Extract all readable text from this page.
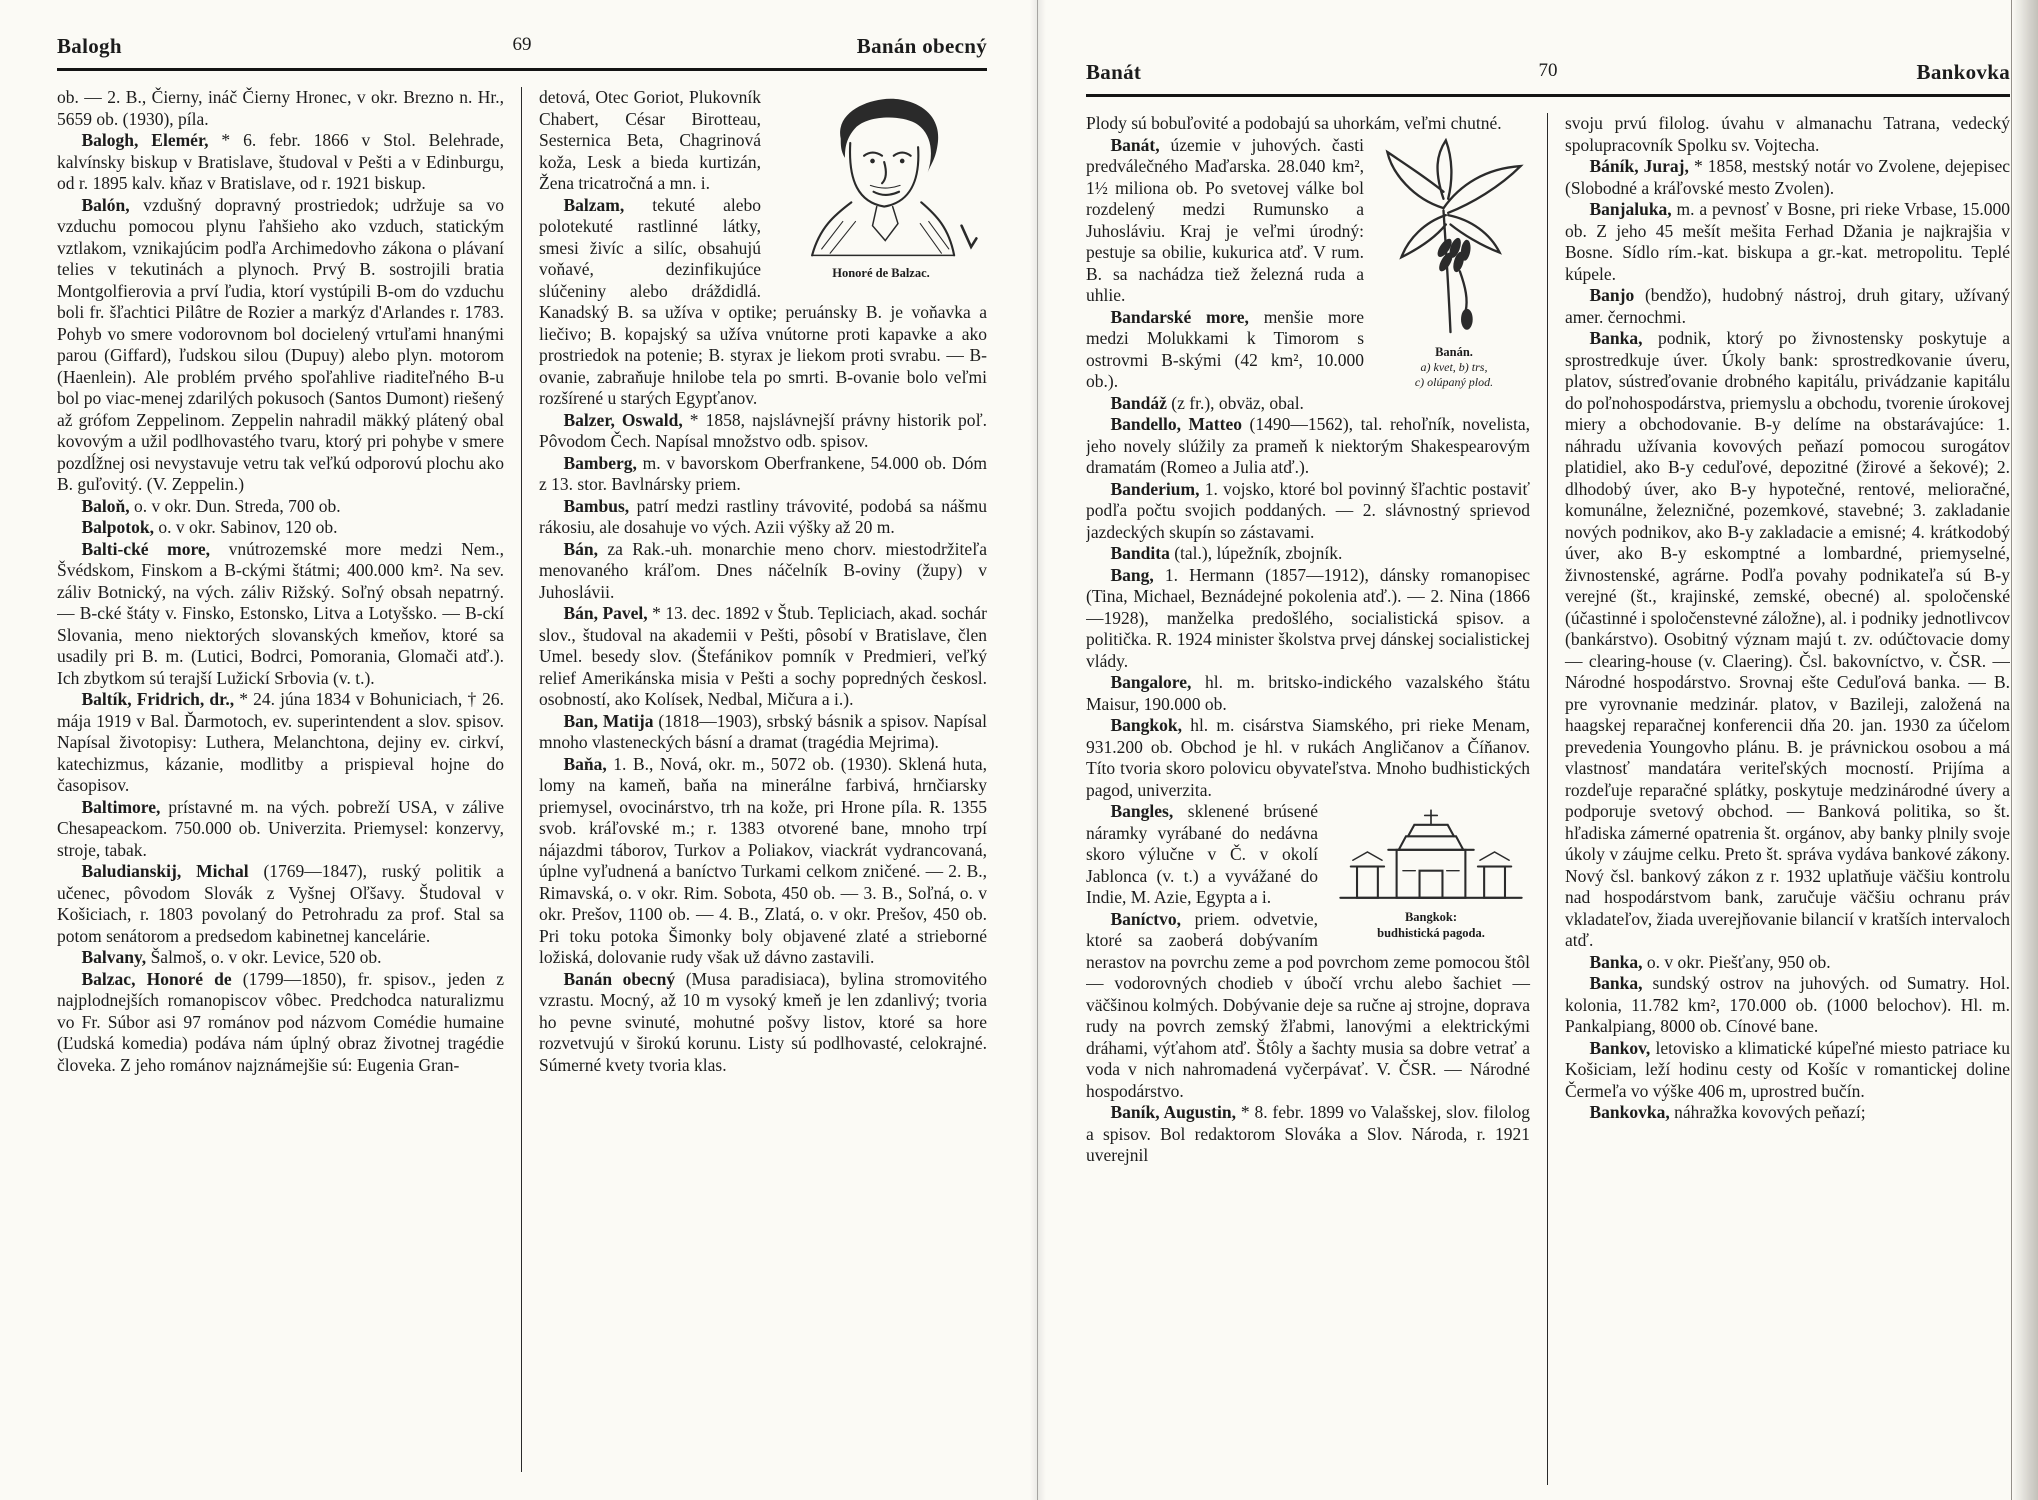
Balogh	69	Banán obecný

ob. — 2. B., Čierny, ináč Čierny Hronec, v okr. Brezno n. Hr., 5659 ob. (1930), píla.

Balogh, Elemér, * 6. febr. 1866 v Stol. Belehrade, kalvínsky biskup v Bratislave, študoval v Pešti a v Edinburgu, od r. 1895 kalv. kňaz v Bratislave, od r. 1921 biskup.

Balón, vzdušný dopravný prostriedok; udržuje sa vo vzduchu pomocou plynu ľahšieho ako vzduch, statickým vztlakom, vznikajúcim podľa Archimedovho zákona o plávaní telies v tekutinách a plynoch. Prvý B. sostrojili bratia Montgolfierovia a prví ľudia, ktorí vystúpili B-om do vzduchu boli fr. šľachtici Pilâtre de Rozier a markýz d'Arlandes r. 1783. Pohyb vo smere vodorovnom bol docielený vrtuľami hnanými parou (Giffard), ľudskou silou (Dupuy) alebo plyn. motorom (Haenlein). Ale problém prvého spoľahlive riaditeľného B-u bol po viac-menej zdarilých pokusoch (Santos Dumont) riešený až grófom Zeppelinom. Zeppelin nahradil mäkký plátený obal kovovým a užil podlhovastého tvaru, ktorý pri pohybe v smere pozdĺžnej osi nevystavuje vetru tak veľkú odporovú plochu ako B. guľovitý. (V. Zeppelin.)

Baloň, o. v okr. Dun. Streda, 700 ob.

Balpotok, o. v okr. Sabinov, 120 ob.

Balti-cké more, vnútrozemské more medzi Nem., Švédskom, Finskom a B-ckými štátmi; 400.000 km². Na sev. záliv Botnický, na vých. záliv Rižský. Soľný obsah nepatrný. — B-cké štáty v. Finsko, Estonsko, Litva a Lotyšsko. — B-ckí Slovania, meno niektorých slovanských kmeňov, ktoré sa usadily pri B. m. (Lutici, Bodrci, Pomorania, Glomači atď.). Ich zbytkom sú terajší Lužickí Srbovia (v. t.).

Baltík, Fridrich, dr., * 24. júna 1834 v Bohuniciach, † 26. mája 1919 v Bal. Ďarmotoch, ev. superintendent a slov. spisov. Napísal životopisy: Luthera, Melanchtona, dejiny ev. cirkví, katechizmus, kázanie, modlitby a prispieval hojne do časopisov.

Baltimore, prístavné m. na vých. pobreží USA, v zálive Chesapeackom. 750.000 ob. Univerzita. Priemysel: konzervy, stroje, tabak.

Baludianskij, Michal (1769—1847), ruský politik a učenec, pôvodom Slovák z Vyšnej Oľšavy. Študoval v Košiciach, r. 1803 povolaný do Petrohradu za prof. Stal sa potom senátorom a predsedom kabinetnej kancelárie.

Balvany, Šalmoš, o. v okr. Levice, 520 ob.

Balzac, Honoré de (1799—1850), fr. spisov., jeden z najplodnejších romanopiscov vôbec. Predchodca naturalizmu vo Fr. Súbor asi 97 románov pod názvom Comédie humaine (Ľudská komedia) podáva nám úplný obraz životnej tragédie človeka. Z jeho románov najznámejšie sú: Eugenia Gran-

Honoré de Balzac.

detová, Otec Goriot, Plukovník Chabert, César Birotteau, Sesternica Beta, Chagrinová koža, Lesk a bieda kurtizán, Žena tricatročná a mn. i.

Balzam, tekuté alebo polotekuté rastlinné látky, smesi živíc a silíc, obsahujú voňavé, dezinfikujúce slúčeniny alebo dráždidlá. Kanadský B. sa užíva v optike; peruánsky B. je voňavka a liečivo; B. kopajský sa užíva vnútorne proti kapavke a ako prostriedok na potenie; B. styrax je liekom proti svrabu. — B-ovanie, zabraňuje hnilobe tela po smrti. B-ovanie bolo veľmi rozšírené u starých Egypťanov.

Balzer, Oswald, * 1858, najslávnejší právny historik poľ. Pôvodom Čech. Napísal množstvo odb. spisov.

Bamberg, m. v bavorskom Oberfrankene, 54.000 ob. Dóm z 13. stor. Bavlnársky priem.

Bambus, patrí medzi rastliny trávovité, podobá sa nášmu rákosiu, ale dosahuje vo vých. Azii výšky až 20 m.

Bán, za Rak.-uh. monarchie meno chorv. miestodržiteľa menovaného kráľom. Dnes náčelník B-oviny (župy) v Juhoslávii.

Bán, Pavel, * 13. dec. 1892 v Štub. Tepliciach, akad. sochár slov., študoval na akademii v Pešti, pôsobí v Bratislave, člen Umel. besedy slov. (Štefánikov pomník v Predmieri, veľký relief Amerikánska misia v Pešti a sochy popredných českosl. osobností, ako Kolísek, Nedbal, Mičura a i.).

Ban, Matija (1818—1903), srbský básnik a spisov. Napísal mnoho vlasteneckých básní a dramat (tragédia Mejrima).

Baňa, 1. B., Nová, okr. m., 5072 ob. (1930). Sklená huta, lomy na kameň, baňa na minerálne farbivá, hrnčiarsky priemysel, ovocinárstvo, trh na kože, pri Hrone píla. R. 1355 svob. kráľovské m.; r. 1383 otvorené bane, mnoho trpí nájazdmi táborov, Turkov a Poliakov, viackrát vydrancovaná, úplne vyľudnená a baníctvo Turkami celkom zničené. — 2. B., Rimavská, o. v okr. Rim. Sobota, 450 ob. — 3. B., Soľná, o. v okr. Prešov, 1100 ob. — 4. B., Zlatá, o. v okr. Prešov, 450 ob. Pri toku potoka Šimonky boly objavené zlaté a strieborné ložiská, dolovanie rudy však už dávno zastavili.

Banán obecný (Musa paradisiaca), bylina stromovitého vzrastu. Mocný, až 10 m vysoký kmeň je len zdanlivý; tvoria ho pevne svinuté, mohutné pošvy listov, ktoré sa hore rozvetvujú v širokú korunu. Listy sú podlhovasté, celokrajné. Súmerné kvety tvoria klas.

Banát	70	Bankovka

Plody sú bobuľovité a podobajú sa uhorkám, veľmi chutné.

Banán.
a) kvet, b) trs,
c) olúpaný plod.

Banát, územie v juhových. časti predválečného Maďarska. 28.040 km², 1½ miliona ob. Po svetovej válke bol rozdelený medzi Rumunsko a Juhosláviu. Kraj je veľmi úrodný: pestuje sa obilie, kukurica atď. V rum. B. sa nachádza tiež železná ruda a uhlie.

Bandarské more, menšie more medzi Molukkami k Timorom s ostrovmi B-skými (42 km², 10.000 ob.).

Bandáž (z fr.), obväz, obal.

Bandello, Matteo (1490—1562), tal. rehoľník, novelista, jeho novely slúžily za prameň k niektorým Shakespearovým dramatám (Romeo a Julia atď.).

Banderium, 1. vojsko, ktoré bol povinný šľachtic postaviť podľa počtu svojich poddaných. — 2. slávnostný sprievod jazdeckých skupín so zástavami.

Bandita (tal.), lúpežník, zbojník.

Bang, 1. Hermann (1857—1912), dánsky romanopisec (Tina, Michael, Beznádejné pokolenia atď.). — 2. Nina (1866—1928), manželka predošlého, socialistická spisov. a politička. R. 1924 minister školstva prvej dánskej socialistickej vlády.

Bangalore, hl. m. britsko-indického vazalského štátu Maisur, 190.000 ob.

Bangkok, hl. m. cisárstva Siamského, pri rieke Menam, 931.200 ob. Obchod je hl. v rukách Angličanov a Číňanov. Títo tvoria skoro polovicu obyvateľstva. Mnoho budhistických pagod, univerzita.

Bangkok:
budhistická pagoda.

Bangles, sklenené brúsené náramky vyrábané do nedávna skoro výlučne v Č. v okolí Jablonca (v. t.) a vyvážané do Indie, M. Azie, Egypta a i.

Baníctvo, priem. odvetvie, ktoré sa zaoberá dobývaním nerastov na povrchu zeme a pod povrchom zeme pomocou štôl — vodorovných chodieb v úbočí vrchu alebo šachiet — väčšinou kolmých. Dobývanie deje sa ručne aj strojne, doprava rudy na povrch zemský žľabmi, lanovými a elektrickými dráhami, výťahom atď. Štôly a šachty musia sa dobre vetrať a voda v nich nahromadená vyčerpávať. V. ČSR. — Národné hospodárstvo.

Baník, Augustin, * 8. febr. 1899 vo Valašskej, slov. filolog a spisov. Bol redaktorom Slováka a Slov. Národa, r. 1921 uverejnil

svoju prvú filolog. úvahu v almanachu Tatrana, vedecký spolupracovník Spolku sv. Vojtecha.

Báník, Juraj, * 1858, mestský notár vo Zvolene, dejepisec (Slobodné a kráľovské mesto Zvolen).

Banjaluka, m. a pevnosť v Bosne, pri rieke Vrbase, 15.000 ob. Z jeho 45 mešít mešita Ferhad Džania je najkrajšia v Bosne. Sídlo rím.-kat. biskupa a gr.-kat. metropolitu. Teplé kúpele.

Banjo (bendžo), hudobný nástroj, druh gitary, užívaný amer. černochmi.

Banka, podnik, ktorý po živnostensky poskytuje a sprostredkuje úver. Úkoly bank: sprostredkovanie úveru, platov, sústreďovanie drobného kapitálu, privádzanie kapitálu do poľnohospodárstva, priemyslu a obchodu, tvorenie úrokovej miery a obchodovanie. B-y delíme na obstarávajúce: 1. náhradu užívania kovových peňazí pomocou surogátov platidiel, ako B-y ceduľové, depozitné (žirové a šekové); 2. dlhodobý úver, ako B-y hypotečné, rentové, melioračné, komunálne, železničné, pozemkové, stavebné; 3. zakladanie nových podnikov, ako B-y zakladacie a emisné; 4. krátkodobý úver, ako B-y eskomptné a lombardné, priemyselné, živnostenské, agrárne. Podľa povahy podnikateľa sú B-y verejné (št., krajinské, zemské, obecné) al. spoločenské (účastinné i spoločenstevné záložne), al. i podniky jednotlivcov (bankárstvo). Osobitný význam majú t. zv. odúčtovacie domy — clearing-house (v. Claering). Čsl. bakovníctvo, v. ČSR. — Národné hospodárstvo. Srovnaj ešte Ceduľová banka. — B. pre vyrovnanie medzinár. platov, v Bazileji, založená na haagskej reparačnej konferencii dňa 20. jan. 1930 za účelom prevedenia Youngovho plánu. B. je právnickou osobou a má vlastnosť mandatára veriteľských mocností. Prijíma a rozdeľuje reparačné splátky, poskytuje medzinárodné úvery a podporuje svetový obchod. — Banková politika, so št. hľadiska zámerné opatrenia št. orgánov, aby banky plnily svoje úkoly v záujme celku. Preto št. správa vydáva bankové zákony. Nový čsl. bankový zákon z r. 1932 uplatňuje väčšiu kontrolu nad hospodárstvom bank, zaručuje väčšiu ochranu práv vkladateľov, žiada uverejňovanie bilancií v kratších intervaloch atď.

Banka, o. v okr. Piešťany, 950 ob.

Banka, sundský ostrov na juhových. od Sumatry. Hol. kolonia, 11.782 km², 170.000 ob. (1000 belochov). Hl. m. Pankalpiang, 8000 ob. Cínové bane.

Bankov, letovisko a klimatické kúpeľné miesto patriace ku Košiciam, leží hodinu cesty od Košíc v romantickej doline Čermeľa vo výške 406 m, uprostred bučín.

Bankovka, náhražka kovových peňazí;
